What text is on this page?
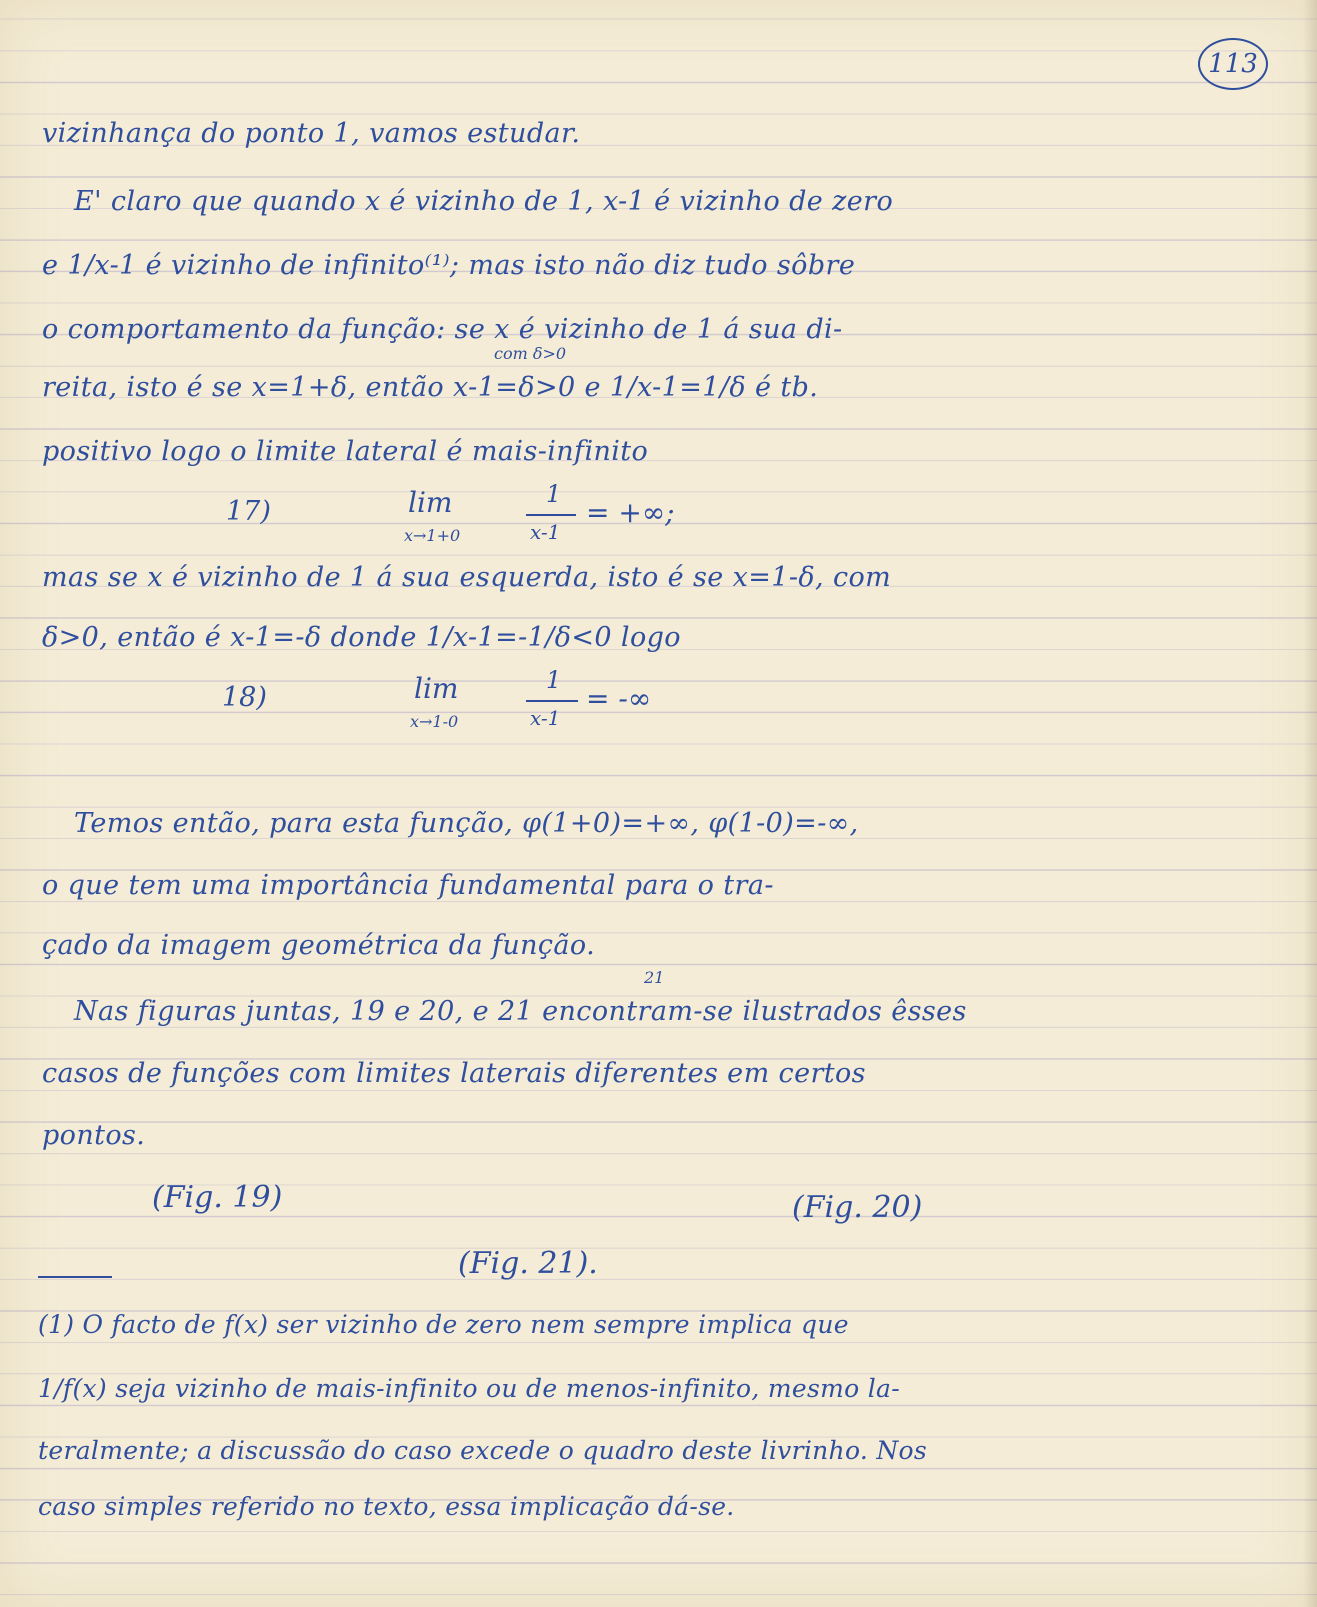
113

vizinhança do ponto 1, vamos estudar.

E' claro que quando x é vizinho de 1, x-1 é vizinho de zero

e 1/x-1 é vizinho de infinito⁽¹⁾; mas isto não diz tudo sôbre

o comportamento da função: se x é vizinho de 1 á sua di-

com δ>0

reita, isto é se x=1+δ, então x-1=δ>0 e 1/x-1=1/δ é tb.

positivo logo o limite lateral é mais-infinito

17)	lim
x→1+0
1
x-1
= +∞;

mas se x é vizinho de 1 á sua esquerda, isto é se x=1-δ, com

δ>0, então é x-1=-δ donde 1/x-1=-1/δ<0 logo

18)	lim
x→1-0
1
x-1
= -∞

Temos então, para esta função, φ(1+0)=+∞, φ(1-0)=-∞,

o que tem uma importância fundamental para o tra-

çado da imagem geométrica da função.

21

Nas figuras juntas, 19 e 20, e 21 encontram-se ilustrados êsses

casos de funções com limites laterais diferentes em certos

pontos.

(Fig. 19)	(Fig. 20)
(Fig. 21).

(1) O facto de f(x) ser vizinho de zero nem sempre implica que

1/f(x) seja vizinho de mais-infinito ou de menos-infinito, mesmo la-

teralmente; a discussão do caso excede o quadro deste livrinho. Nos

caso simples referido no texto, essa implicação dá-se.
